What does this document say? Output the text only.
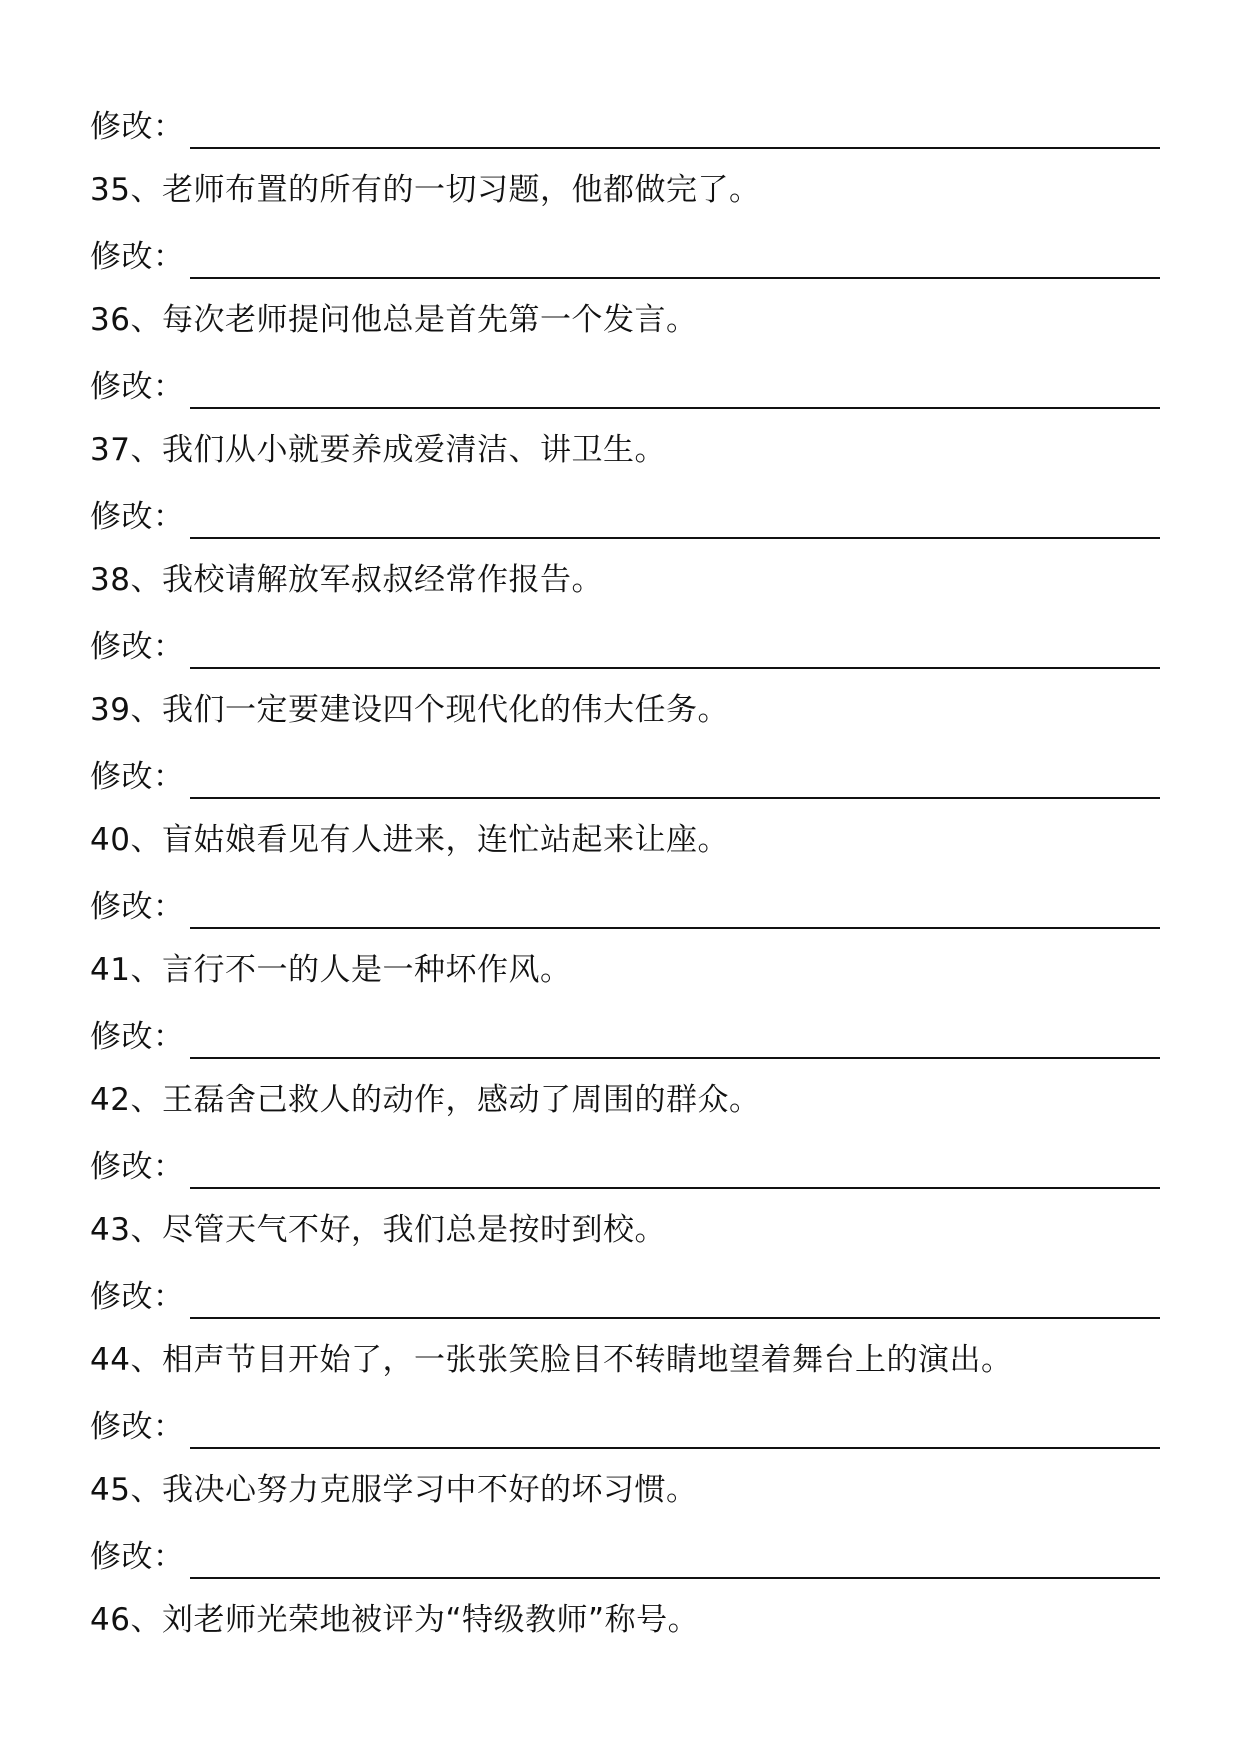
修改：
35、老师布置的所有的一切习题，他都做完了。
修改：
36、每次老师提问他总是首先第一个发言。
修改：
37、我们从小就要养成爱清洁、讲卫生。
修改：
38、我校请解放军叔叔经常作报告。
修改：
39、我们一定要建设四个现代化的伟大任务。
修改：
40、盲姑娘看见有人进来，连忙站起来让座。
修改：
41、言行不一的人是一种坏作风。
修改：
42、王磊舍己救人的动作，感动了周围的群众。
修改：
43、尽管天气不好，我们总是按时到校。
修改：
44、相声节目开始了，一张张笑脸目不转睛地望着舞台上的演出。
修改：
45、我决心努力克服学习中不好的坏习惯。
修改：
46、刘老师光荣地被评为“特级教师”称号。
